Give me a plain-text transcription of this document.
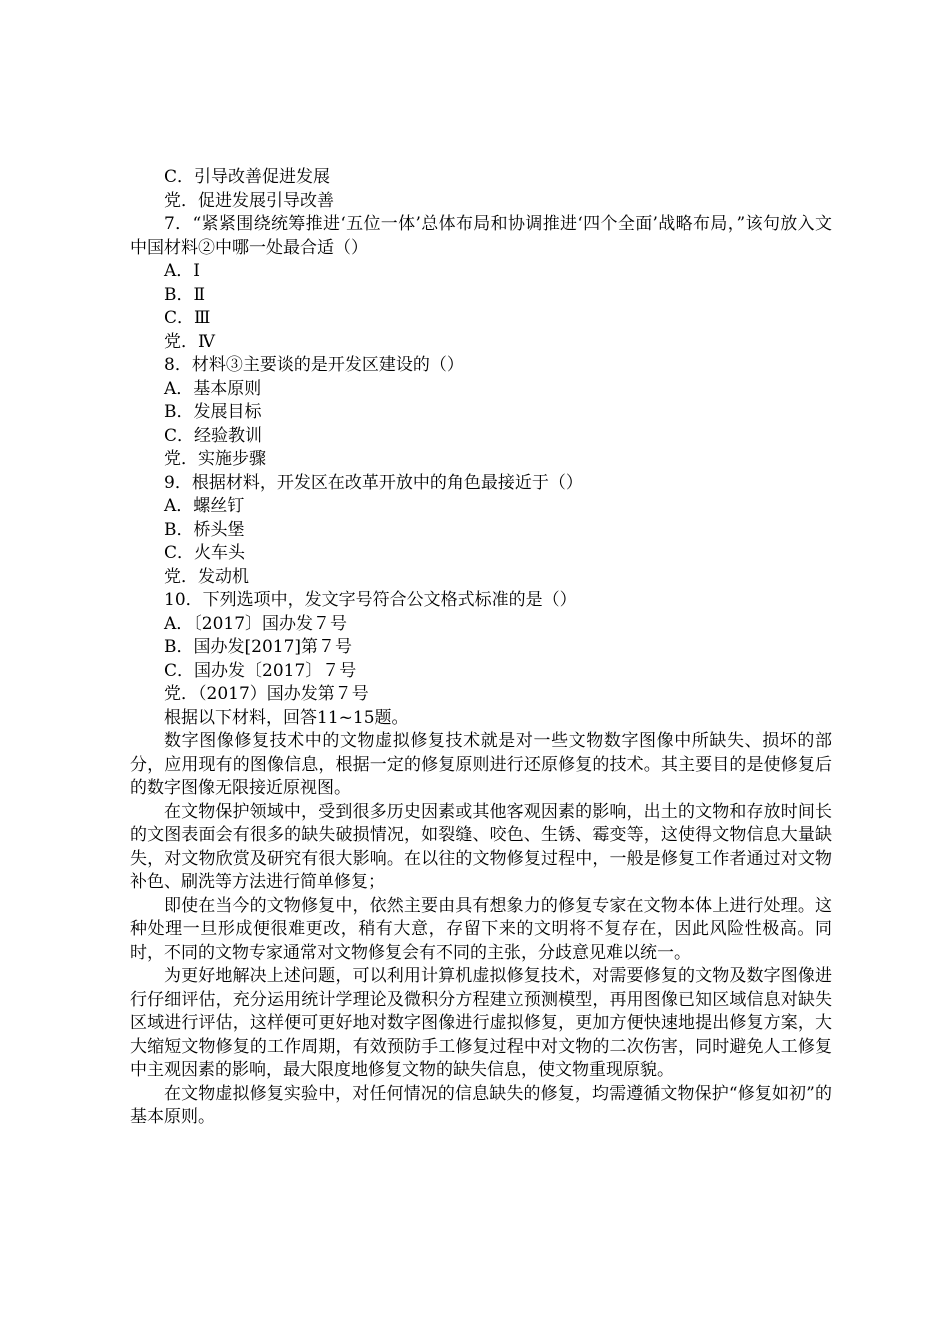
C．引导改善促进发展
党．促进发展引导改善

7．“紧紧围绕统筹推进‘五位一体’总体布局和协调推进‘四个全面’战略布局，”该句放入文中国材料②中哪一处最合适（）

A．Ⅰ
B．Ⅱ
C．Ⅲ
党．Ⅳ
8．材料③主要谈的是开发区建设的（）
A．基本原则
B．发展目标
C．经验教训
党．实施步骤
9．根据材料，开发区在改革开放中的角色最接近于（）
A．螺丝钉
B．桥头堡
C．火车头
党．发动机
10．下列选项中，发文字号符合公文格式标准的是（）
A．〔2017〕国办发７号
B．国办发[2017]第７号
C．国办发〔2017〕７号
党．（2017）国办发第７号
根据以下材料，回答11~15题。

数字图像修复技术中的文物虚拟修复技术就是对一些文物数字图像中所缺失、损坏的部分，应用现有的图像信息，根据一定的修复原则进行还原修复的技术。其主要目的是使修复后的数字图像无限接近原视图。

在文物保护领域中，受到很多历史因素或其他客观因素的影响，出土的文物和存放时间长的文图表面会有很多的缺失破损情况，如裂缝、咬色、生锈、霉变等，这使得文物信息大量缺失，对文物欣赏及研究有很大影响。在以往的文物修复过程中，一般是修复工作者通过对文物补色、刷洗等方法进行简单修复；

即使在当今的文物修复中，依然主要由具有想象力的修复专家在文物本体上进行处理。这种处理一旦形成便很难更改，稍有大意，存留下来的文明将不复存在，因此风险性极高。同时，不同的文物专家通常对文物修复会有不同的主张，分歧意见难以统一。

为更好地解决上述问题，可以利用计算机虚拟修复技术，对需要修复的文物及数字图像进行仔细评估，充分运用统计学理论及微积分方程建立预测模型，再用图像已知区域信息对缺失区域进行评估，这样便可更好地对数字图像进行虚拟修复，更加方便快速地提出修复方案，大大缩短文物修复的工作周期，有效预防手工修复过程中对文物的二次伤害，同时避免人工修复中主观因素的影响，最大限度地修复文物的缺失信息，使文物重现原貌。

在文物虚拟修复实验中，对任何情况的信息缺失的修复，均需遵循文物保护“修复如初”的基本原则。
